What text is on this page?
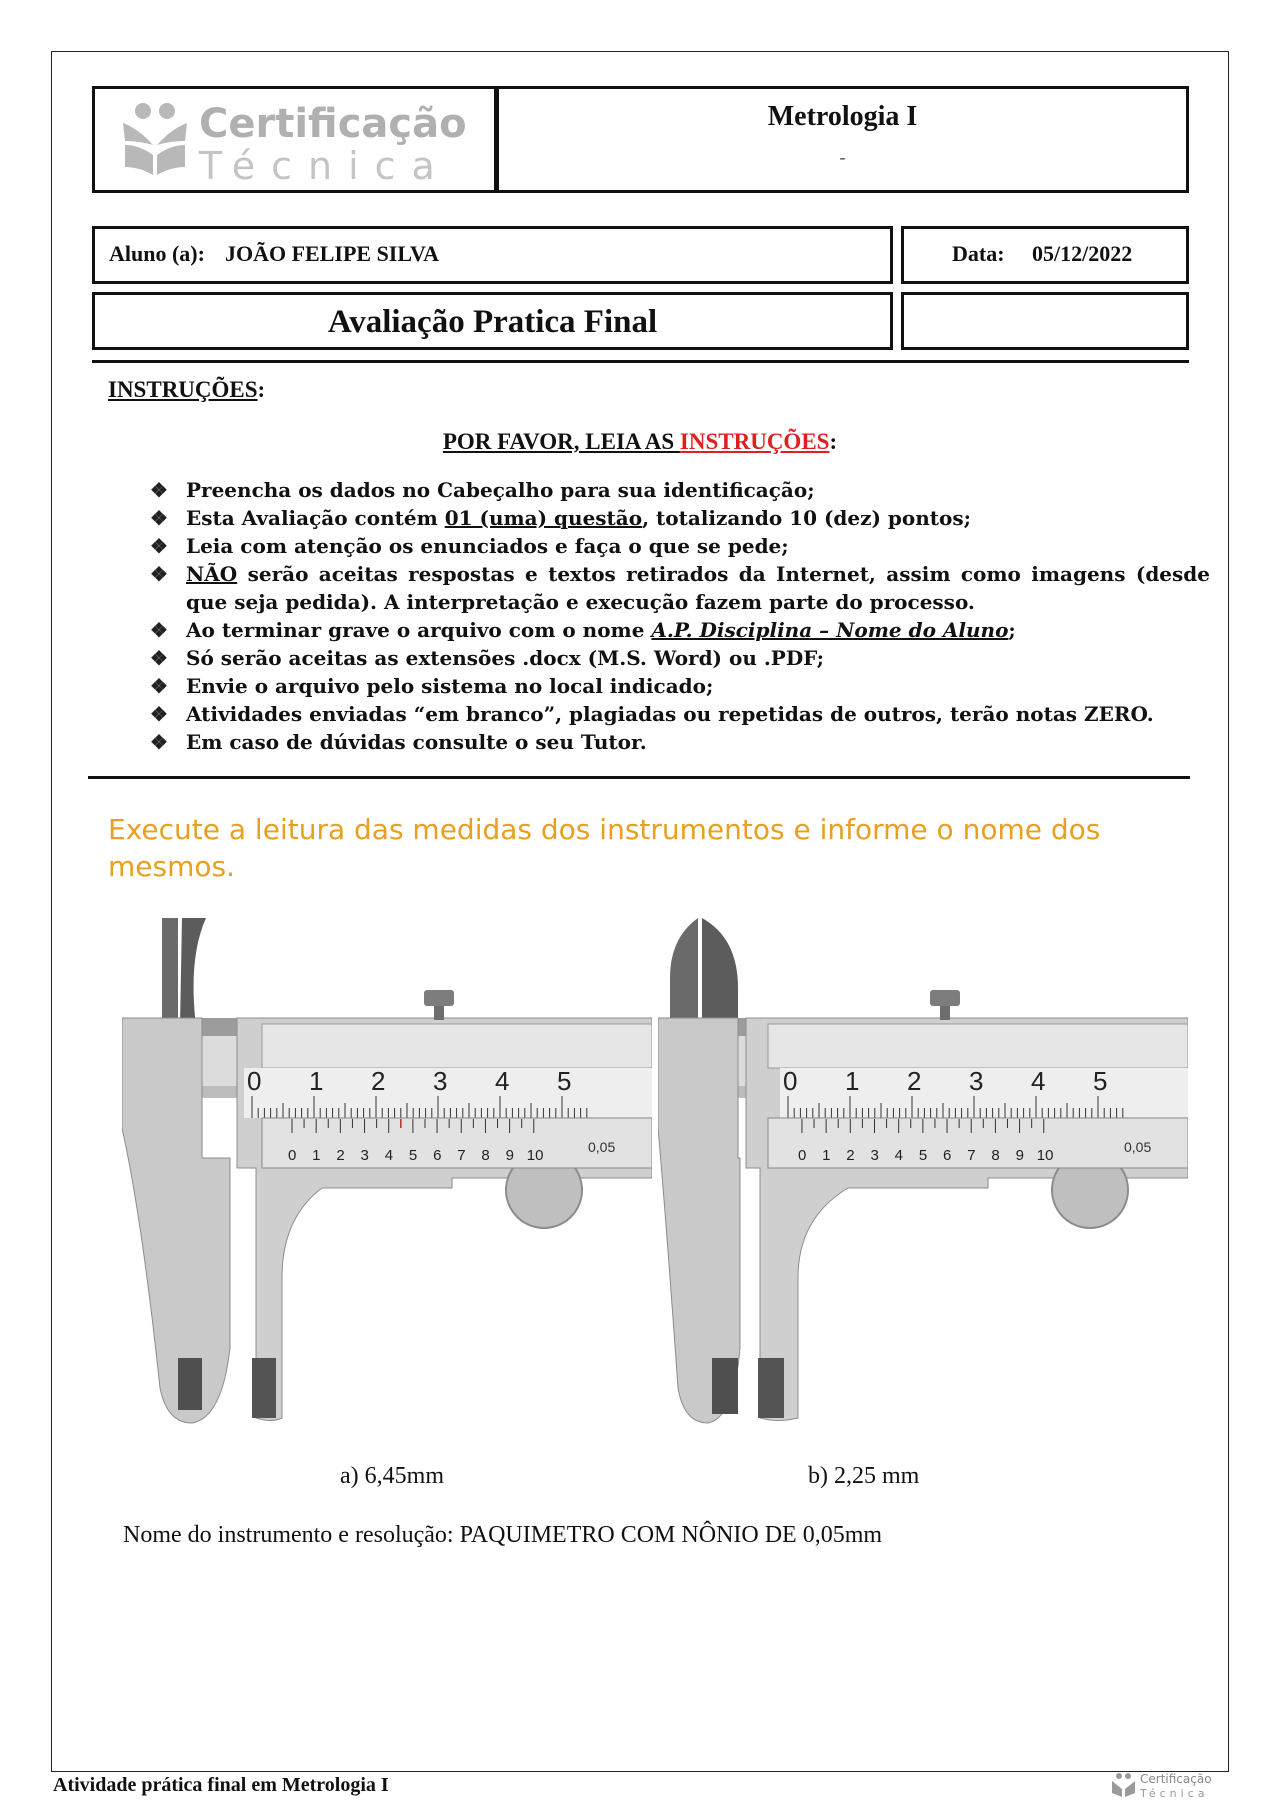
Certificação
Técnica
Metrologia I
-
Aluno (a): JOÃO FELIPE SILVA	Data: 05/12/2022
Avaliação Pratica Final
INSTRUÇÕES:
POR FAVOR, LEIA AS INSTRUÇÕES:
❖ Preencha os dados no Cabeçalho para sua identificação;
❖ Esta Avaliação contém 01 (uma) questão, totalizando 10 (dez) pontos;
❖ Leia com atenção os enunciados e faça o que se pede;
❖ NÃO serão aceitas respostas e textos retirados da Internet, assim como imagens (desde que seja pedida). A interpretação e execução fazem parte do processo.
❖ Ao terminar grave o arquivo com o nome A.P. Disciplina – Nome do Aluno;
❖ Só serão aceitas as extensões .docx (M.S. Word) ou .PDF;
❖ Envie o arquivo pelo sistema no local indicado;
❖ Atividades enviadas “em branco”, plagiadas ou repetidas de outros, terão notas ZERO.
❖ Em caso de dúvidas consulte o seu Tutor.
Execute a leitura das medidas dos instrumentos e informe o nome dos mesmos.
0 1 2 3 4 5
0 1 2 3 4 5 6 7 8 9 10	0,05
0 1 2 3 4 5
0 1 2 3 4 5 6 7 8 9 10	0,05
a) 6,45mm	b) 2,25 mm
Nome do instrumento e resolução: PAQUIMETRO COM NÔNIO DE 0,05mm
Atividade prática final em Metrologia I	Certificação
Técnica
